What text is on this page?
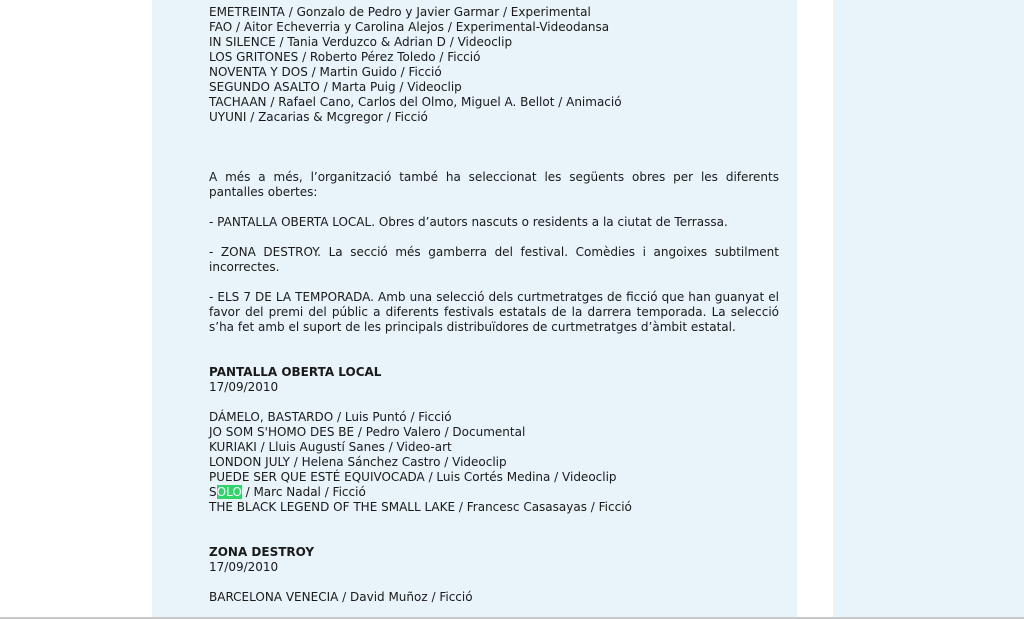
EMETREINTA / Gonzalo de Pedro y Javier Garmar / Experimental
FAO / Aitor Echeverria y Carolina Alejos / Experimental-Videodansa
IN SILENCE / Tania Verduzco & Adrian D / Videoclip
LOS GRITONES / Roberto Pérez Toledo / Ficció
NOVENTA Y DOS / Martin Guido / Ficció
SEGUNDO ASALTO / Marta Puig / Videoclip
TACHAAN / Rafael Cano, Carlos del Olmo, Miguel A. Bellot / Animació
UYUNI / Zacarias & Mcgregor / Ficció
A més a més, l’organització també ha seleccionat les següents obres per les diferents pantalles obertes:
- PANTALLA OBERTA LOCAL. Obres d’autors nascuts o residents a la ciutat de Terrassa.
- ZONA DESTROY. La secció més gamberra del festival. Comèdies i angoixes subtilment incorrectes.
- ELS 7 DE LA TEMPORADA. Amb una selecció dels curtmetratges de ficció que han guanyat el favor del premi del públic a diferents festivals estatals de la darrera temporada. La selecció s’ha fet amb el suport de les principals distribuïdores de curtmetratges d’àmbit estatal.
PANTALLA OBERTA LOCAL
17/09/2010
DÁMELO, BASTARDO / Luis Puntó / Ficció
JO SOM S'HOMO DES BE / Pedro Valero / Documental
KURIAKI / Lluis Augustí Sanes / Video-art
LONDON JULY / Helena Sánchez Castro / Videoclip
PUEDE SER QUE ESTÉ EQUIVOCADA / Luis Cortés Medina / Videoclip
SOLO / Marc Nadal / Ficció
THE BLACK LEGEND OF THE SMALL LAKE / Francesc Casasayas / Ficció
ZONA DESTROY
17/09/2010
BARCELONA VENECIA / David Muñoz / Ficció
